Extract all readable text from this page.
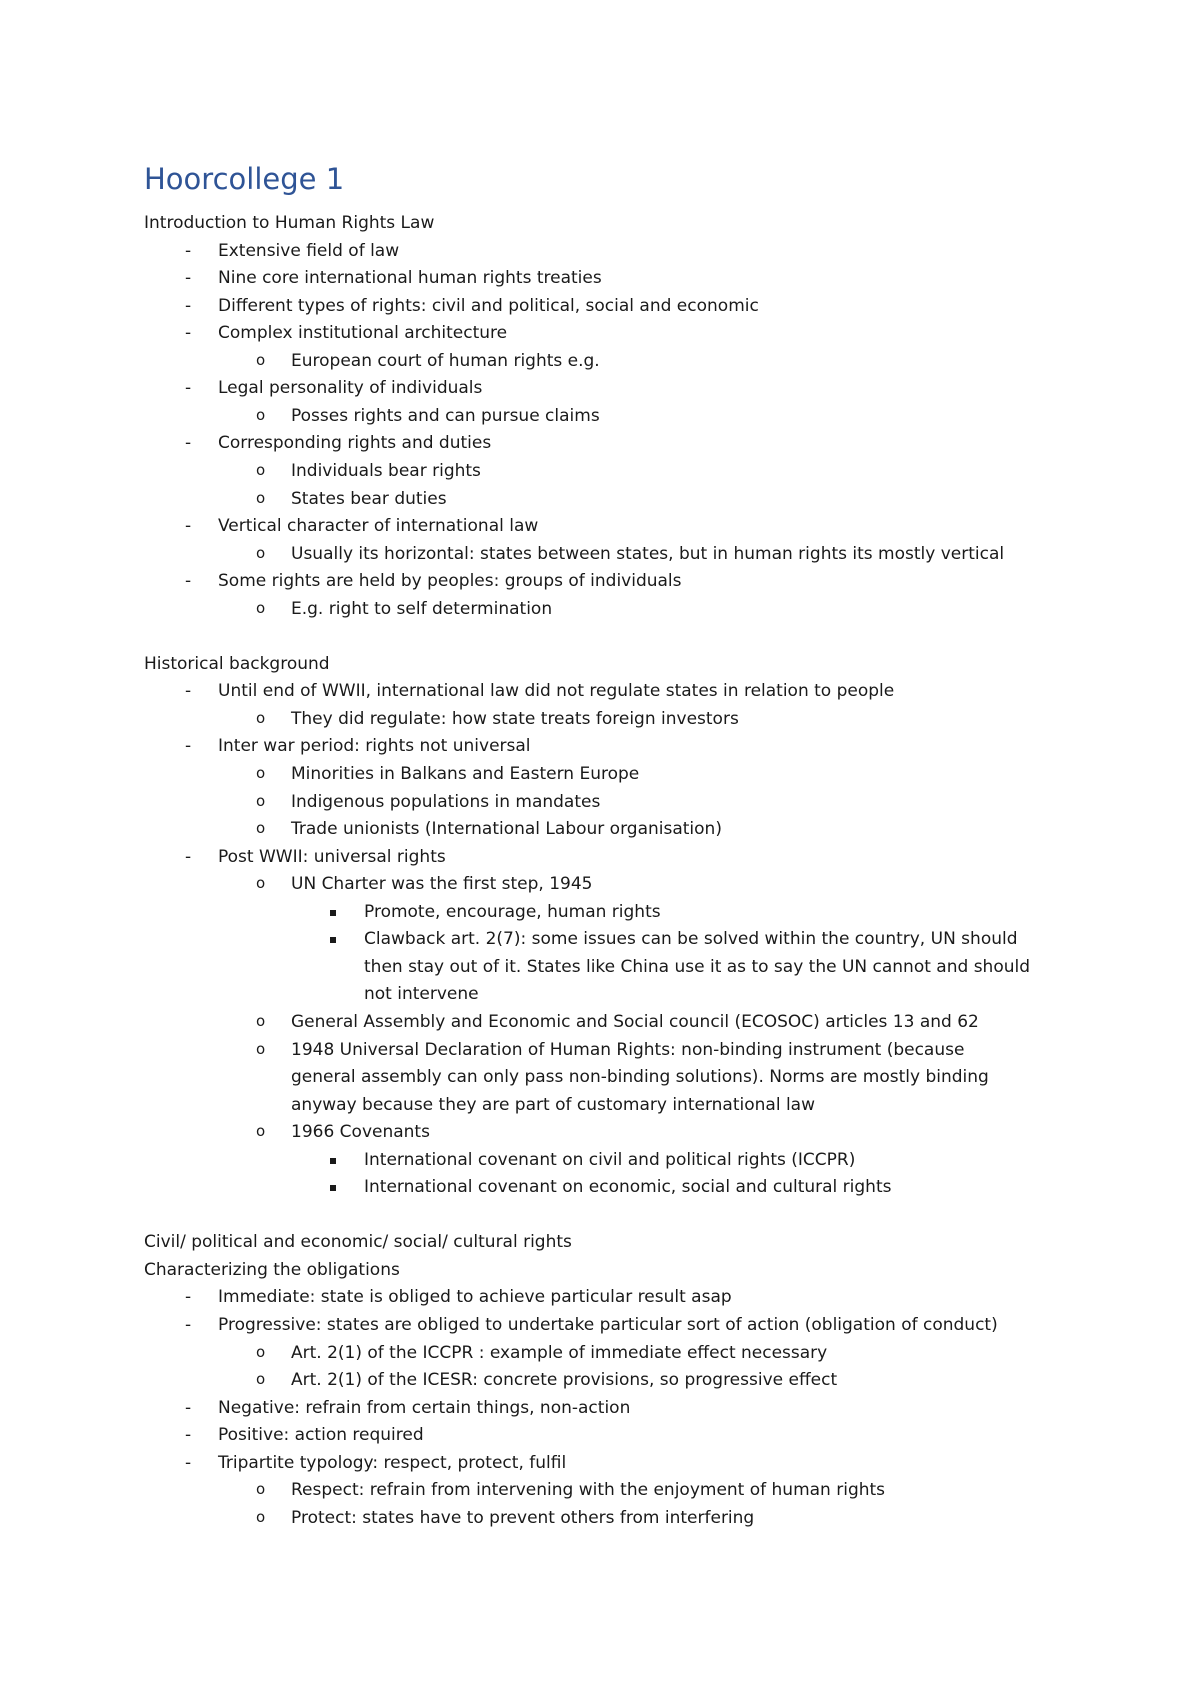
Hoorcollege 1
Introduction to Human Rights Law
- Extensive field of law
- Nine core international human rights treaties
- Different types of rights: civil and political, social and economic
- Complex institutional architecture
o European court of human rights e.g.
- Legal personality of individuals
o Posses rights and can pursue claims
- Corresponding rights and duties
o Individuals bear rights
o States bear duties
- Vertical character of international law
o Usually its horizontal: states between states, but in human rights its mostly vertical
- Some rights are held by peoples: groups of individuals
o E.g. right to self determination
Historical background
- Until end of WWII, international law did not regulate states in relation to people
o They did regulate: how state treats foreign investors
- Inter war period: rights not universal
o Minorities in Balkans and Eastern Europe
o Indigenous populations in mandates
o Trade unionists (International Labour organisation)
- Post WWII: universal rights
o UN Charter was the first step, 1945
Promote, encourage, human rights
Clawback art. 2(7): some issues can be solved within the country, UN should
then stay out of it. States like China use it as to say the UN cannot and should
not intervene
o General Assembly and Economic and Social council (ECOSOC) articles 13 and 62
o 1948 Universal Declaration of Human Rights: non-binding instrument (because
general assembly can only pass non-binding solutions). Norms are mostly binding
anyway because they are part of customary international law
o 1966 Covenants
International covenant on civil and political rights (ICCPR)
International covenant on economic, social and cultural rights
Civil/ political and economic/ social/ cultural rights
Characterizing the obligations
- Immediate: state is obliged to achieve particular result asap
- Progressive: states are obliged to undertake particular sort of action (obligation of conduct)
o Art. 2(1) of the ICCPR : example of immediate effect necessary
o Art. 2(1) of the ICESR: concrete provisions, so progressive effect
- Negative: refrain from certain things, non-action
- Positive: action required
- Tripartite typology: respect, protect, fulfil
o Respect: refrain from intervening with the enjoyment of human rights
o Protect: states have to prevent others from interfering
